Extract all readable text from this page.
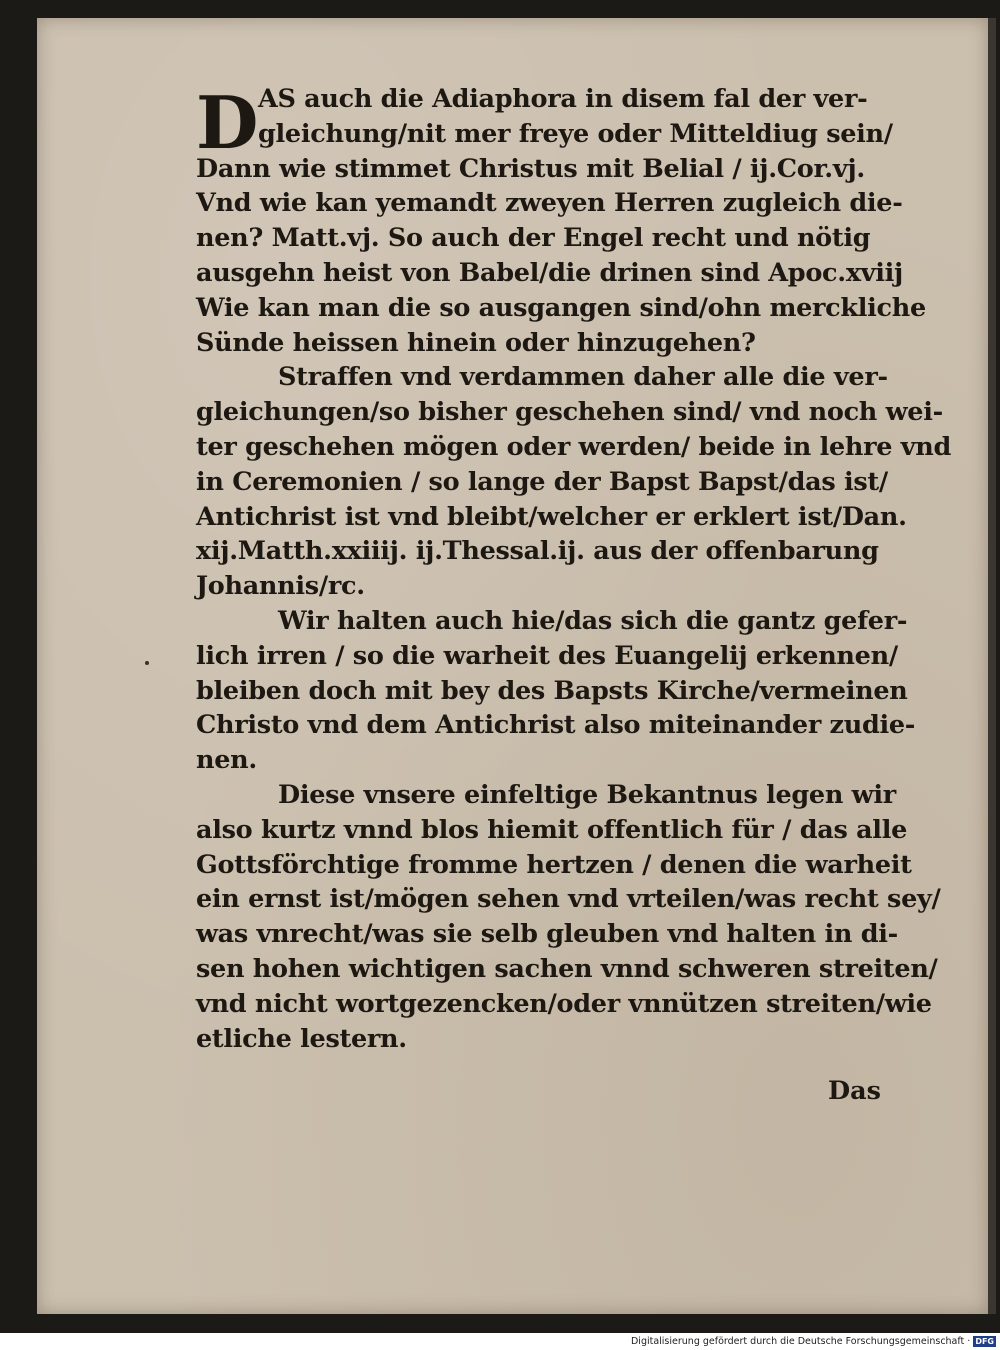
D AS auch die Adiaphora in disem fal der ver-
gleichung/nit mer freye oder Mitteldiug sein/
Dann wie stimmet Christus mit Belial / ij.Cor.vj.
Vnd wie kan yemandt zweyen Herren zugleich die-
nen? Matt.vj. So auch der Engel recht und nötig
ausgehn heist von Babel/die drinen sind Apoc.xviij
Wie kan man die so ausgangen sind/ohn merckliche
Sünde heissen hinein oder hinzugehen?
Straffen vnd verdammen daher alle die ver-
gleichungen/so bisher geschehen sind/ vnd noch wei-
ter geschehen mögen oder werden/ beide in lehre vnd
in Ceremonien / so lange der Bapst Bapst/das ist/
Antichrist ist vnd bleibt/welcher er erklert ist/Dan.
xij.Matth.xxiiij. ij.Thessal.ij. aus der offenbarung
Johannis/rc.
Wir halten auch hie/das sich die gantz gefer-
lich irren / so die warheit des Euangelij erkennen/
bleiben doch mit bey des Bapsts Kirche/vermeinen
Christo vnd dem Antichrist also miteinander zudie-
nen.
Diese vnsere einfeltige Bekantnus legen wir
also kurtz vnnd blos hiemit offentlich für / das alle
Gottsförchtige fromme hertzen / denen die warheit
ein ernst ist/mögen sehen vnd vrteilen/was recht sey/
was vnrecht/was sie selb gleuben vnd halten in di-
sen hohen wichtigen sachen vnnd schweren streiten/
vnd nicht wortgezencken/oder vnnützen streiten/wie
etliche lestern.
Das
Digitalisierung gefördert durch die Deutsche Forschungsgemeinschaft · DFG
